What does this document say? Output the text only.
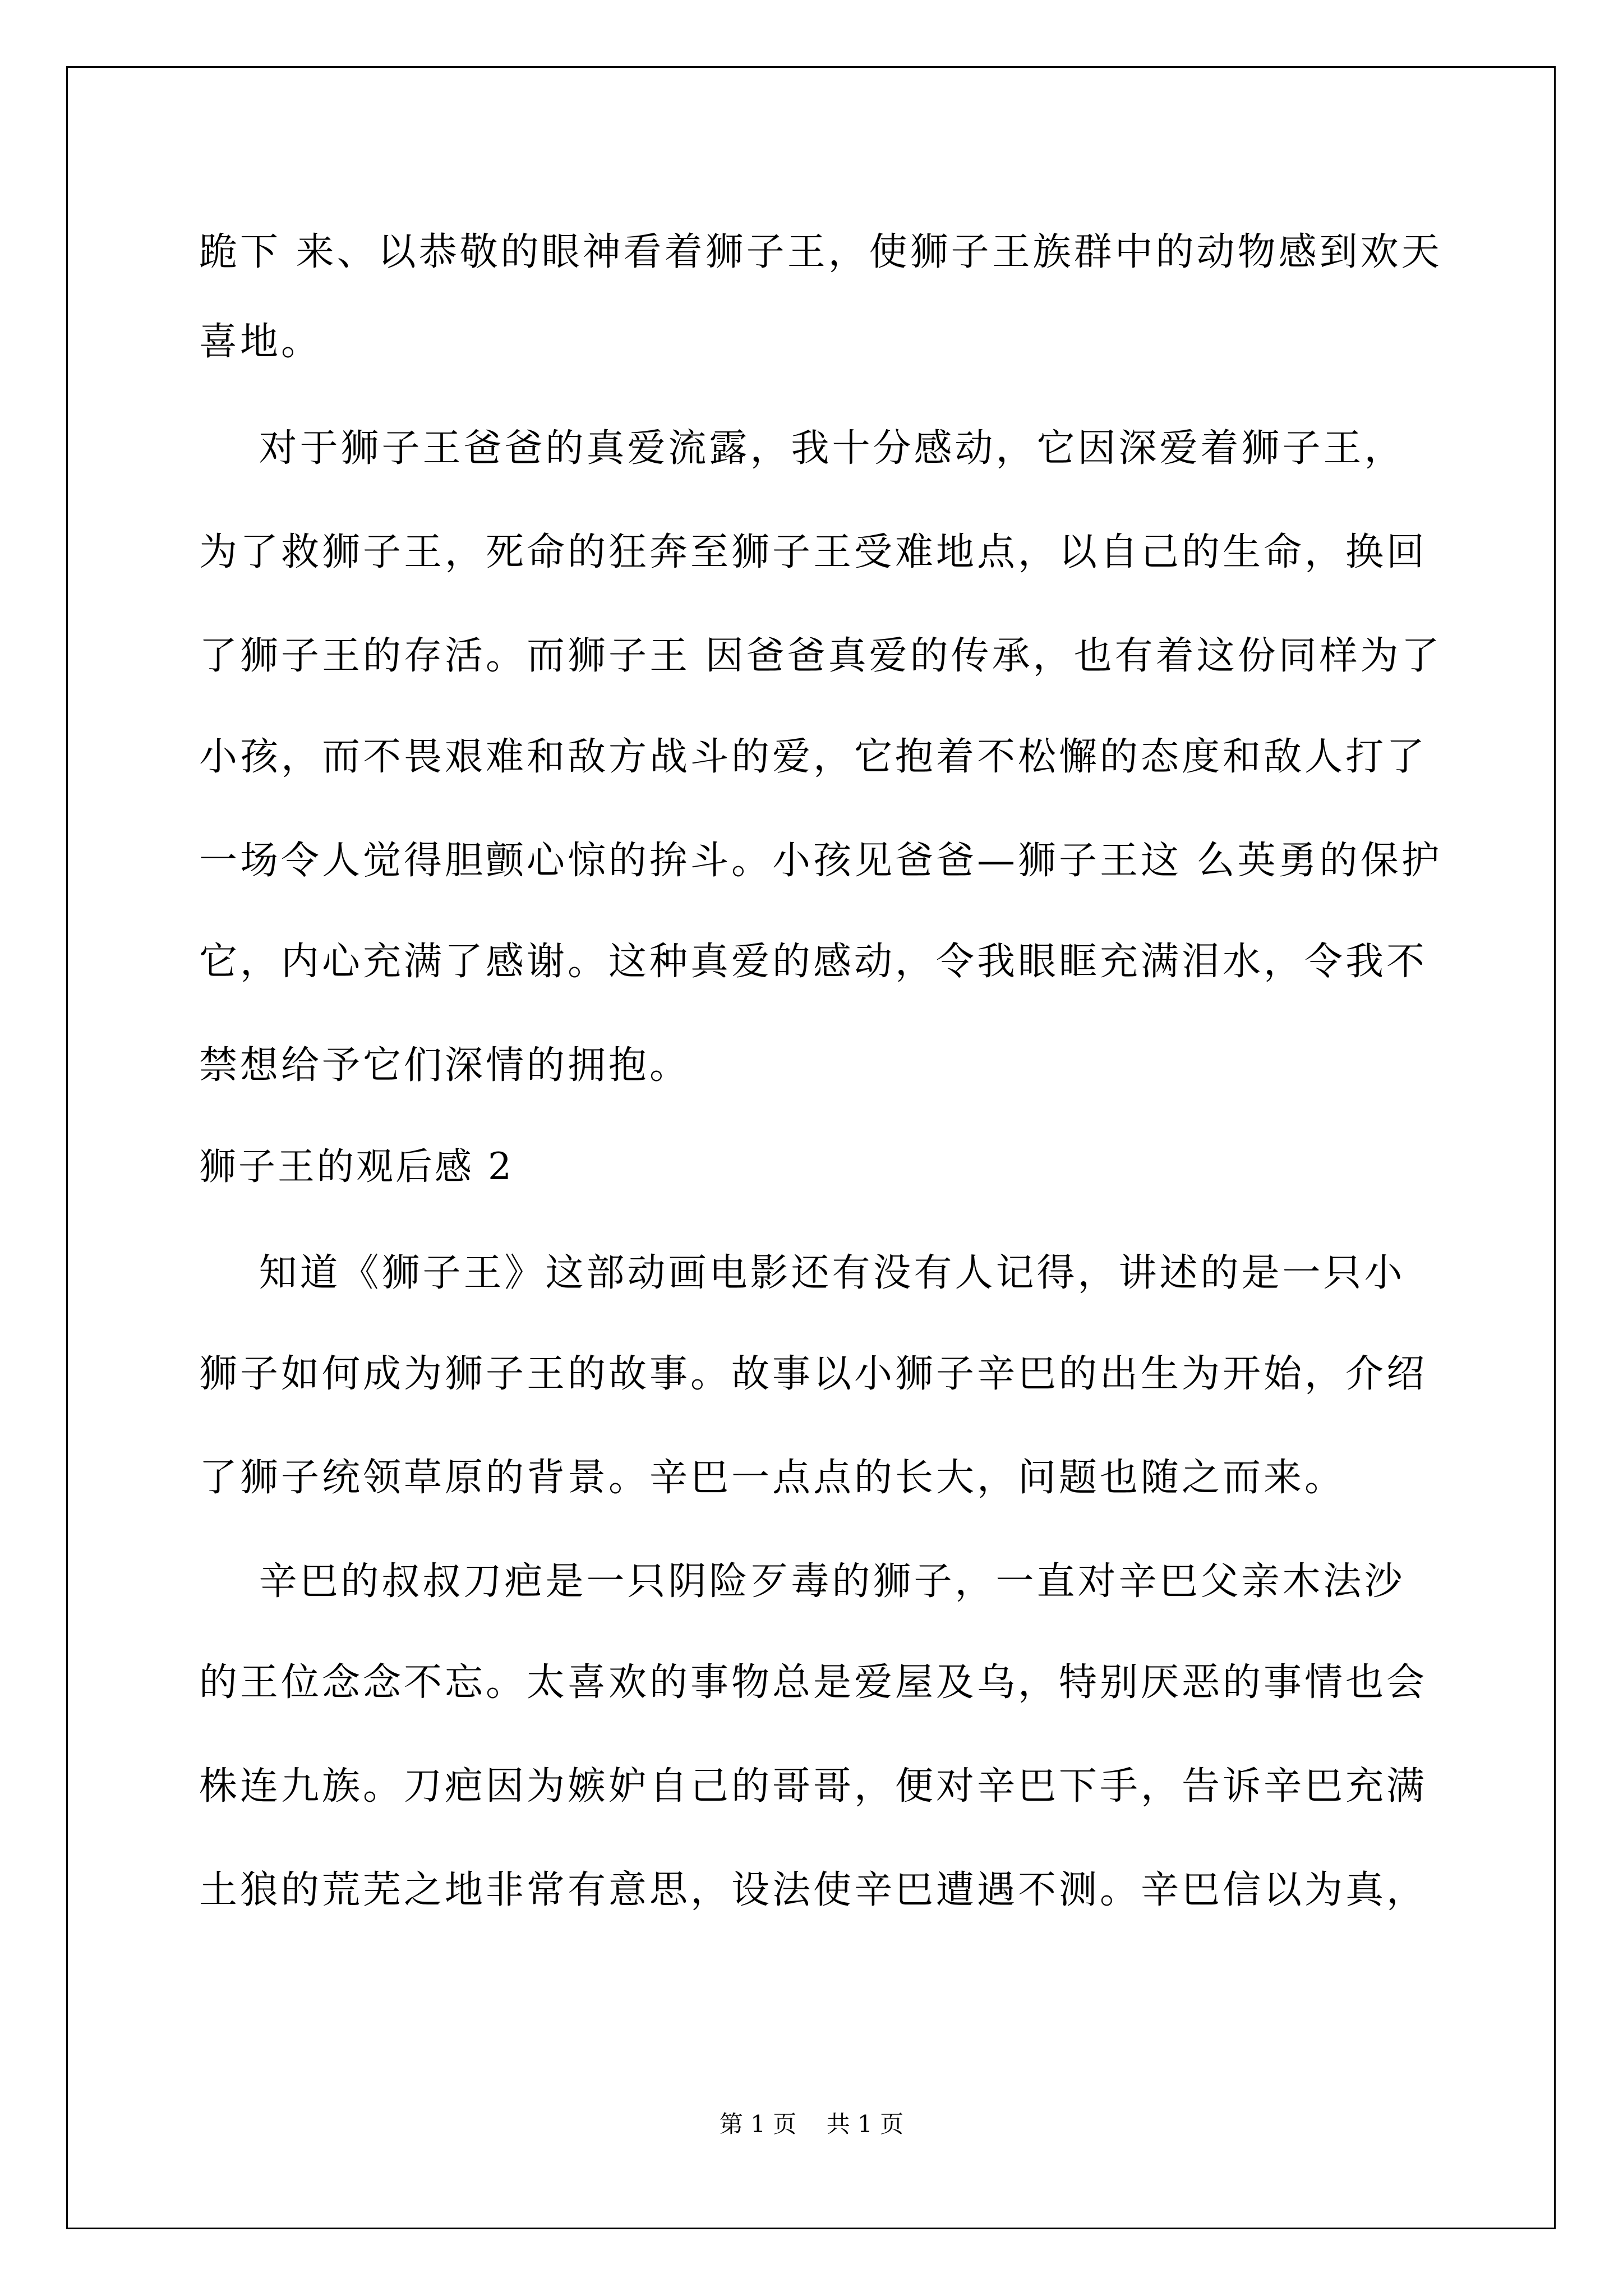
跪下 来、以恭敬的眼神看着狮子王，使狮子王族群中的动物感到欢天
喜地。
对于狮子王爸爸的真爱流露，我十分感动，它因深爱着狮子王，
为了救狮子王，死命的狂奔至狮子王受难地点，以自己的生命，换回
了狮子王的存活。而狮子王 因爸爸真爱的传承，也有着这份同样为了
小孩，而不畏艰难和敌方战斗的爱，它抱着不松懈的态度和敌人打了
一场令人觉得胆颤心惊的拚斗。小孩见爸爸—狮子王这 么英勇的保护
它，内心充满了感谢。这种真爱的感动，令我眼眶充满泪水，令我不
禁想给予它们深情的拥抱。
狮子王的观后感 2
知道《狮子王》这部动画电影还有没有人记得，讲述的是一只小
狮子如何成为狮子王的故事。故事以小狮子辛巴的出生为开始，介绍
了狮子统领草原的背景。辛巴一点点的长大，问题也随之而来。
辛巴的叔叔刀疤是一只阴险歹毒的狮子，一直对辛巴父亲木法沙
的王位念念不忘。太喜欢的事物总是爱屋及乌，特别厌恶的事情也会
株连九族。刀疤因为嫉妒自己的哥哥，便对辛巴下手，告诉辛巴充满
土狼的荒芜之地非常有意思，设法使辛巴遭遇不测。辛巴信以为真，
第 1 页    共 1 页
